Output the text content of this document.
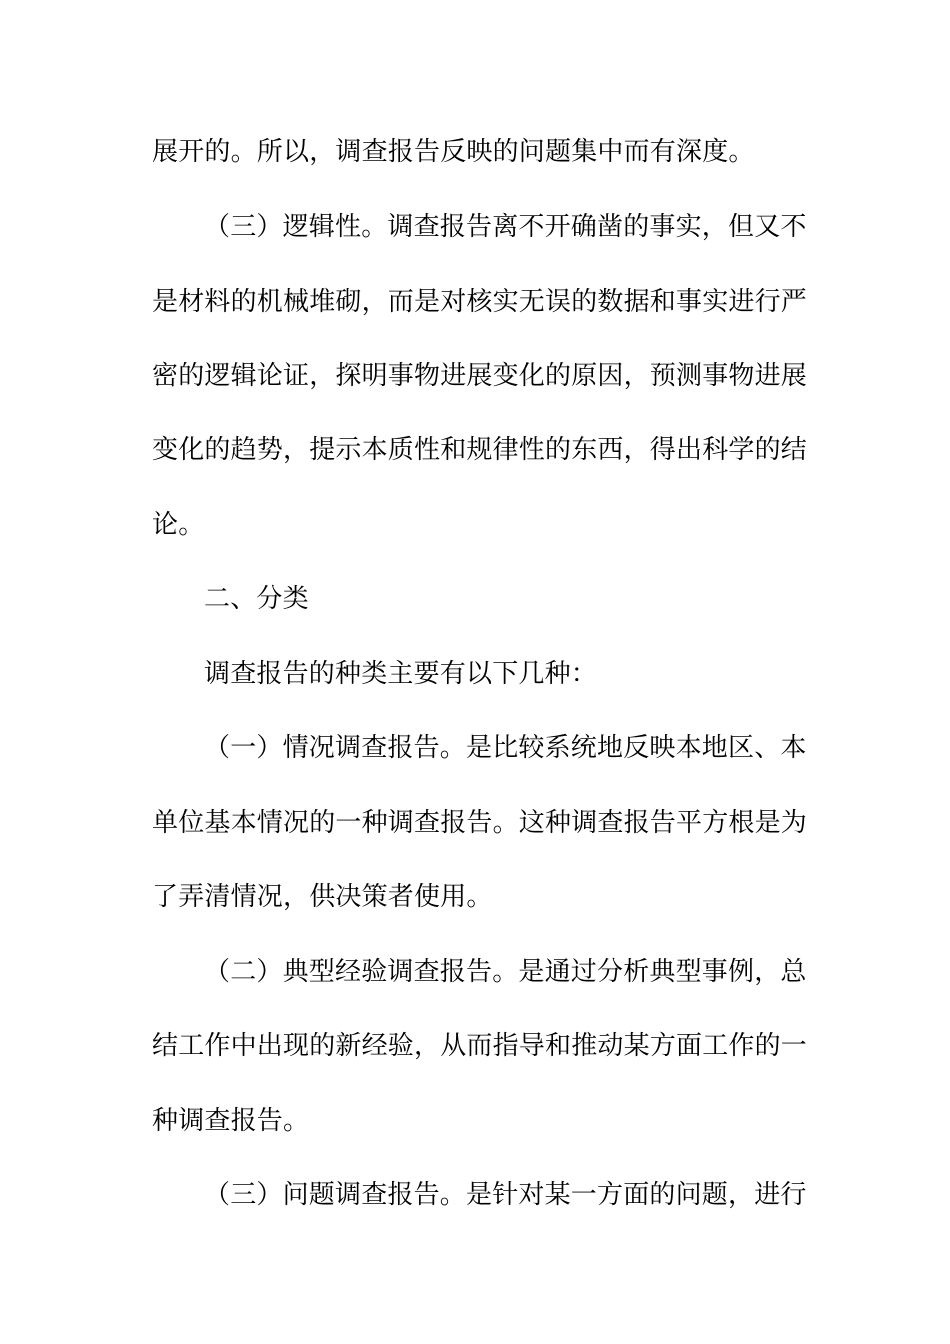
展开的。所以，调查报告反映的问题集中而有深度。
（三）逻辑性。调查报告离不开确凿的事实，但又不
是材料的机械堆砌，而是对核实无误的数据和事实进行严
密的逻辑论证，探明事物进展变化的原因，预测事物进展
变化的趋势，提示本质性和规律性的东西，得出科学的结
论。
二、分类
调查报告的种类主要有以下几种：
（一）情况调查报告。是比较系统地反映本地区、本
单位基本情况的一种调查报告。这种调查报告平方根是为
了弄清情况，供决策者使用。
（二）典型经验调查报告。是通过分析典型事例，总
结工作中出现的新经验，从而指导和推动某方面工作的一
种调查报告。
（三）问题调查报告。是针对某一方面的问题，进行
